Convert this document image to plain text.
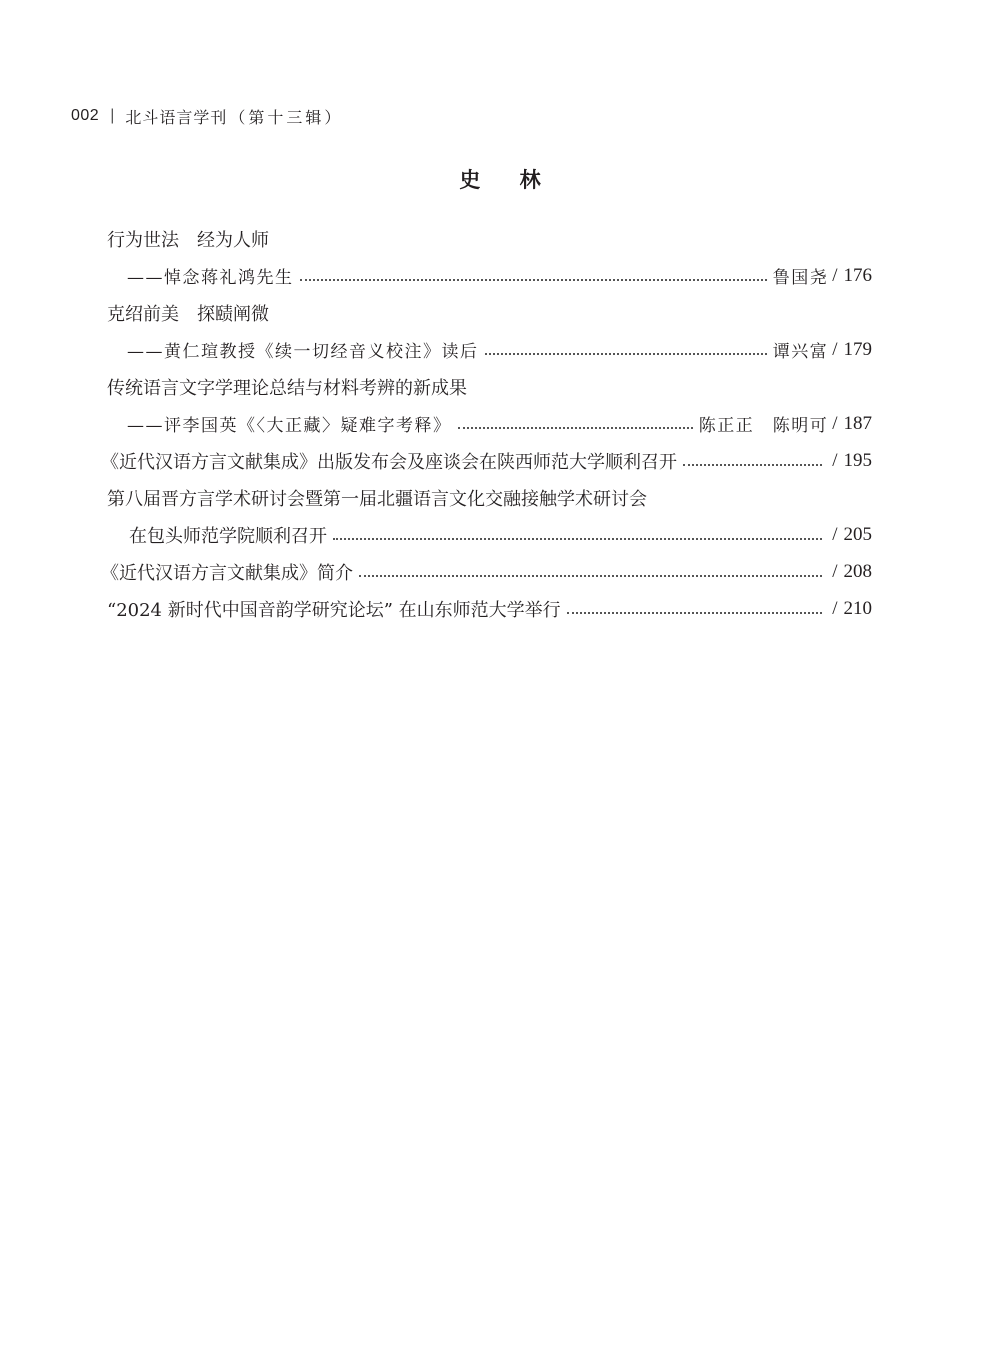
002 | 北斗语言学刊 （第十三辑）
史 林
行为世法　经为人师
——悼念蒋礼鸿先生	鲁国尧 / 176
克绍前美　探赜阐微
——黄仁瑄教授《续一切经音义校注》读后	谭兴富 / 179
传统语言文字学理论总结与材料考辨的新成果
——评李国英《〈大正藏〉疑难字考释》	陈正正　陈明可 / 187
《近代汉语方言文献集成》出版发布会及座谈会在陕西师范大学顺利召开	/ 195
第八届晋方言学术研讨会暨第一届北疆语言文化交融接触学术研讨会
在包头师范学院顺利召开	/ 205
《近代汉语方言文献集成》简介	/ 208
“2024 新时代中国音韵学研究论坛” 在山东师范大学举行	/ 210
